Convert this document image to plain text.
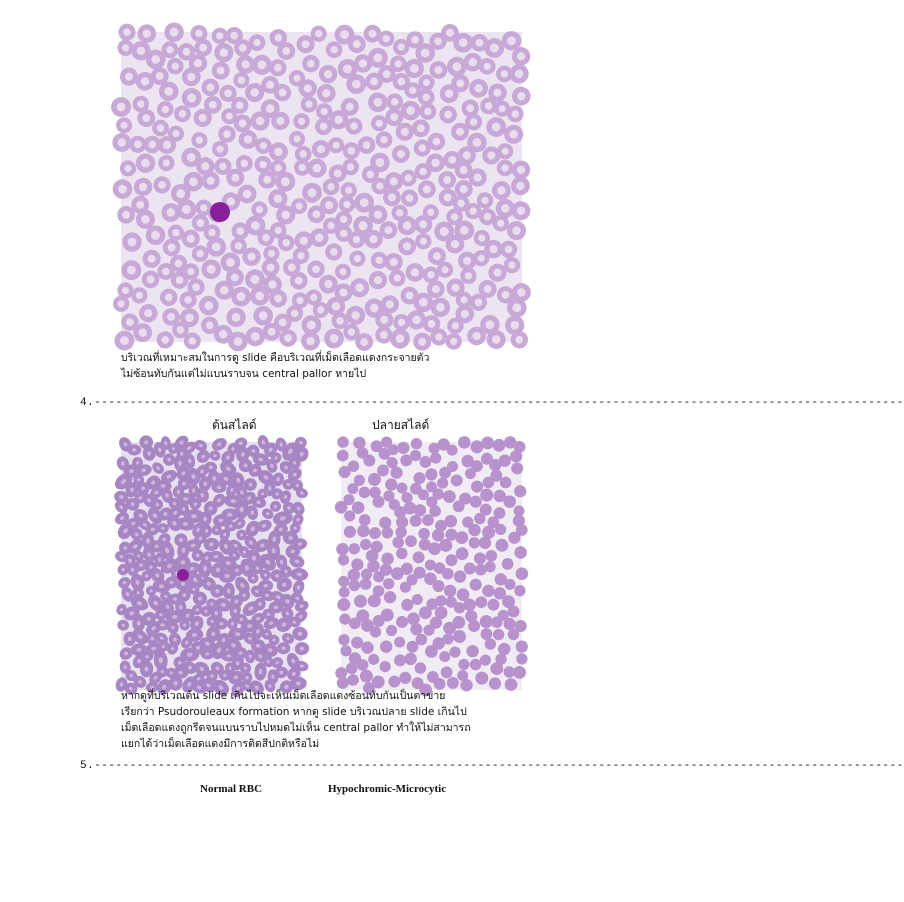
บริเวณที่เหมาะสมในการดู slide คือบริเวณที่เม็ดเลือดแดงกระจายตัว
ไม่ซ้อนทับกันแต่ไม่แบนราบจน central pallor หายไป
4.------------------------------------------------------------------------------------------------------------------
ต้นสไลด์	ปลายสไลด์
หากดูที่บริเวณต้น slide เกินไปจะเห็นเม็ดเลือดแดงซ้อนทับกันเป็นตาข่าย
เรียกว่า Psudorouleaux formation หากดู slide บริเวณปลาย slide เกินไป
เม็ดเลือดแดงถูกรีดจนแบนราบไปหมดไม่เห็น central pallor ทำให้ไม่สามารถ
แยกได้ว่าเม็ดเลือดแดงมีการติดสีปกติหรือไม่
5.------------------------------------------------------------------------------------------------------------------
Normal RBC	Hypochromic-Microcytic
